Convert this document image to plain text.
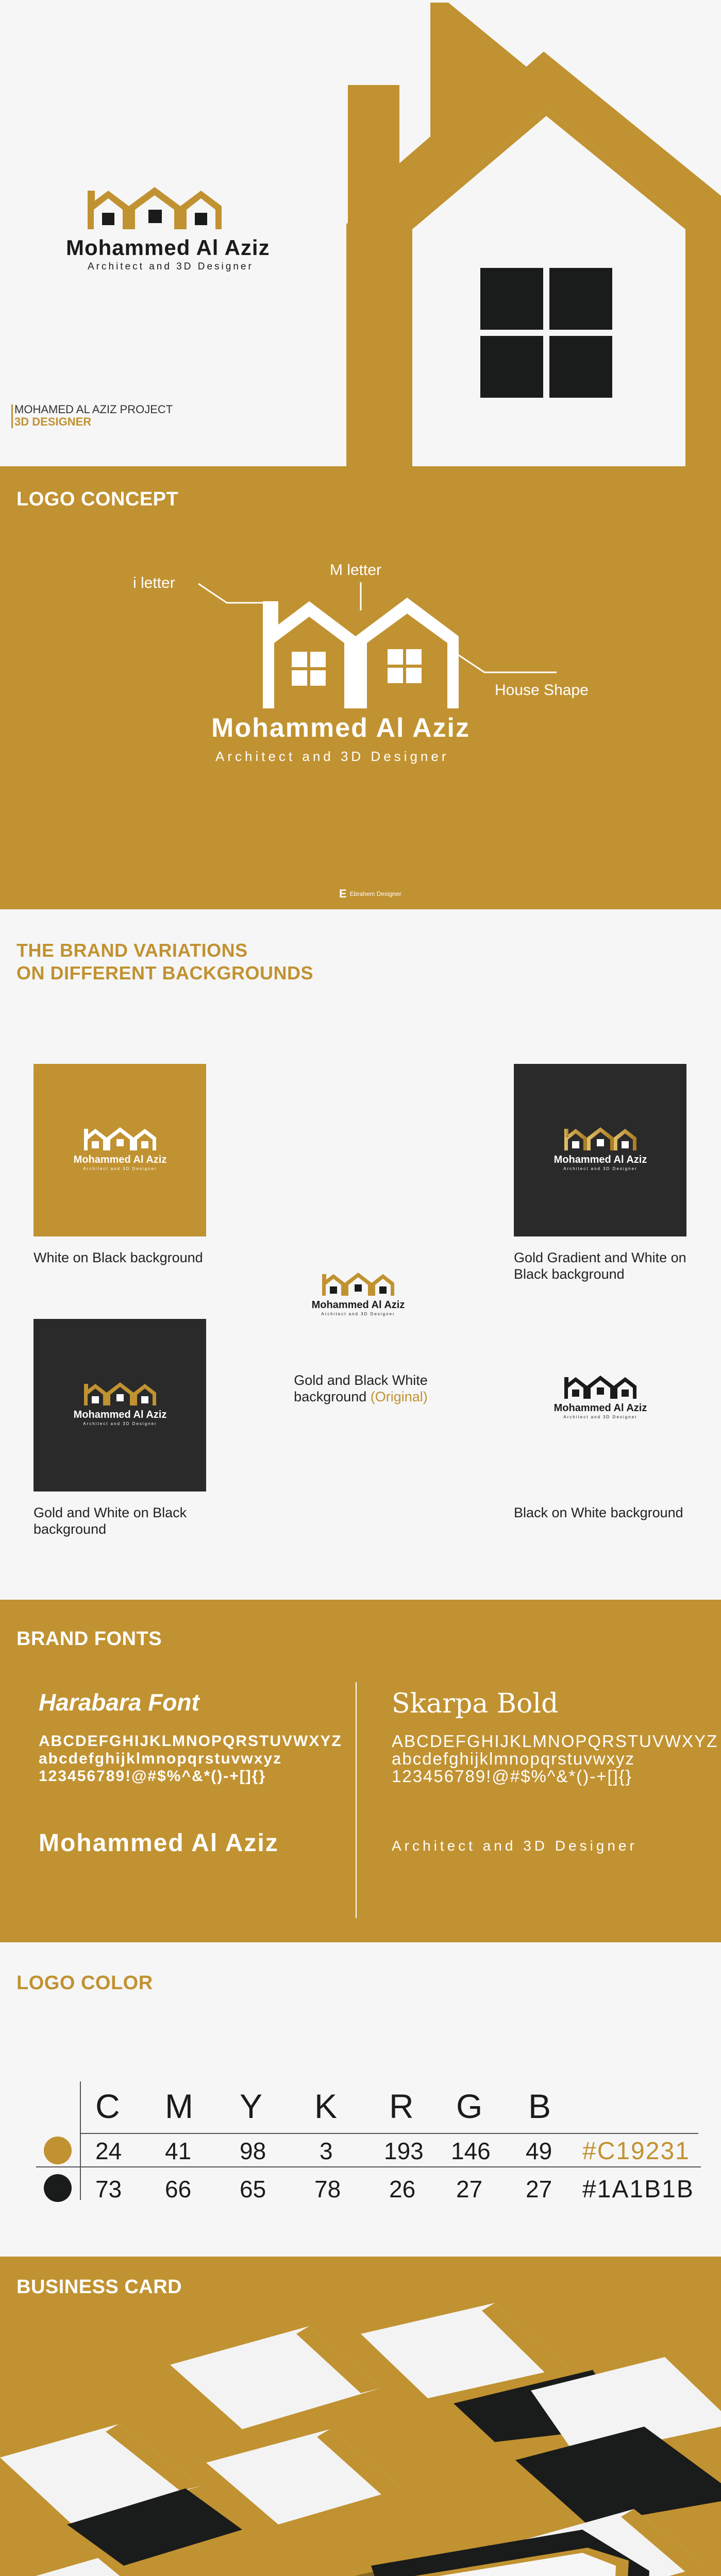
Mohammed Al Aziz
Architect and 3D Designer
MOHAMED AL AZIZ PROJECT
3D DESIGNER
LOGO CONCEPT
M letter
i letter
House Shape
Mohammed Al Aziz
Architect and 3D Designer
E Ebrahem Designer
THE BRAND VARIATIONS
ON DIFFERENT BACKGROUNDS
Mohammed Al Aziz
Architect and 3D Designer
White on Black background
Mohammed Al Aziz
Architect and 3D Designer
Gold Gradient and White on
Black background
Mohammed Al Aziz
Architect and 3D Designer
Gold and Black White
background (Original)
Mohammed Al Aziz
Architect and 3D Designer
Gold and White on Black
background
Mohammed Al Aziz
Architect and 3D Designer
Black on White background
BRAND FONTS
Harabara Font
ABCDEFGHIJKLMNOPQRSTUVWXYZ
abcdefghijklmnopqrstuvwxyz
123456789!@#$%^&*()-+[]{}
Mohammed Al Aziz
Skarpa Bold
ABCDEFGHIJKLMNOPQRSTUVWXYZ
abcdefghijklmnopqrstuvwxyz
123456789!@#$%^&*()-+[]{}
Architect and 3D Designer
LOGO COLOR
C M Y K R G B
24 41 98 3 193 146 49 #C19231
73 66 65 78 26 27 27 #1A1B1B
BUSINESS CARD
